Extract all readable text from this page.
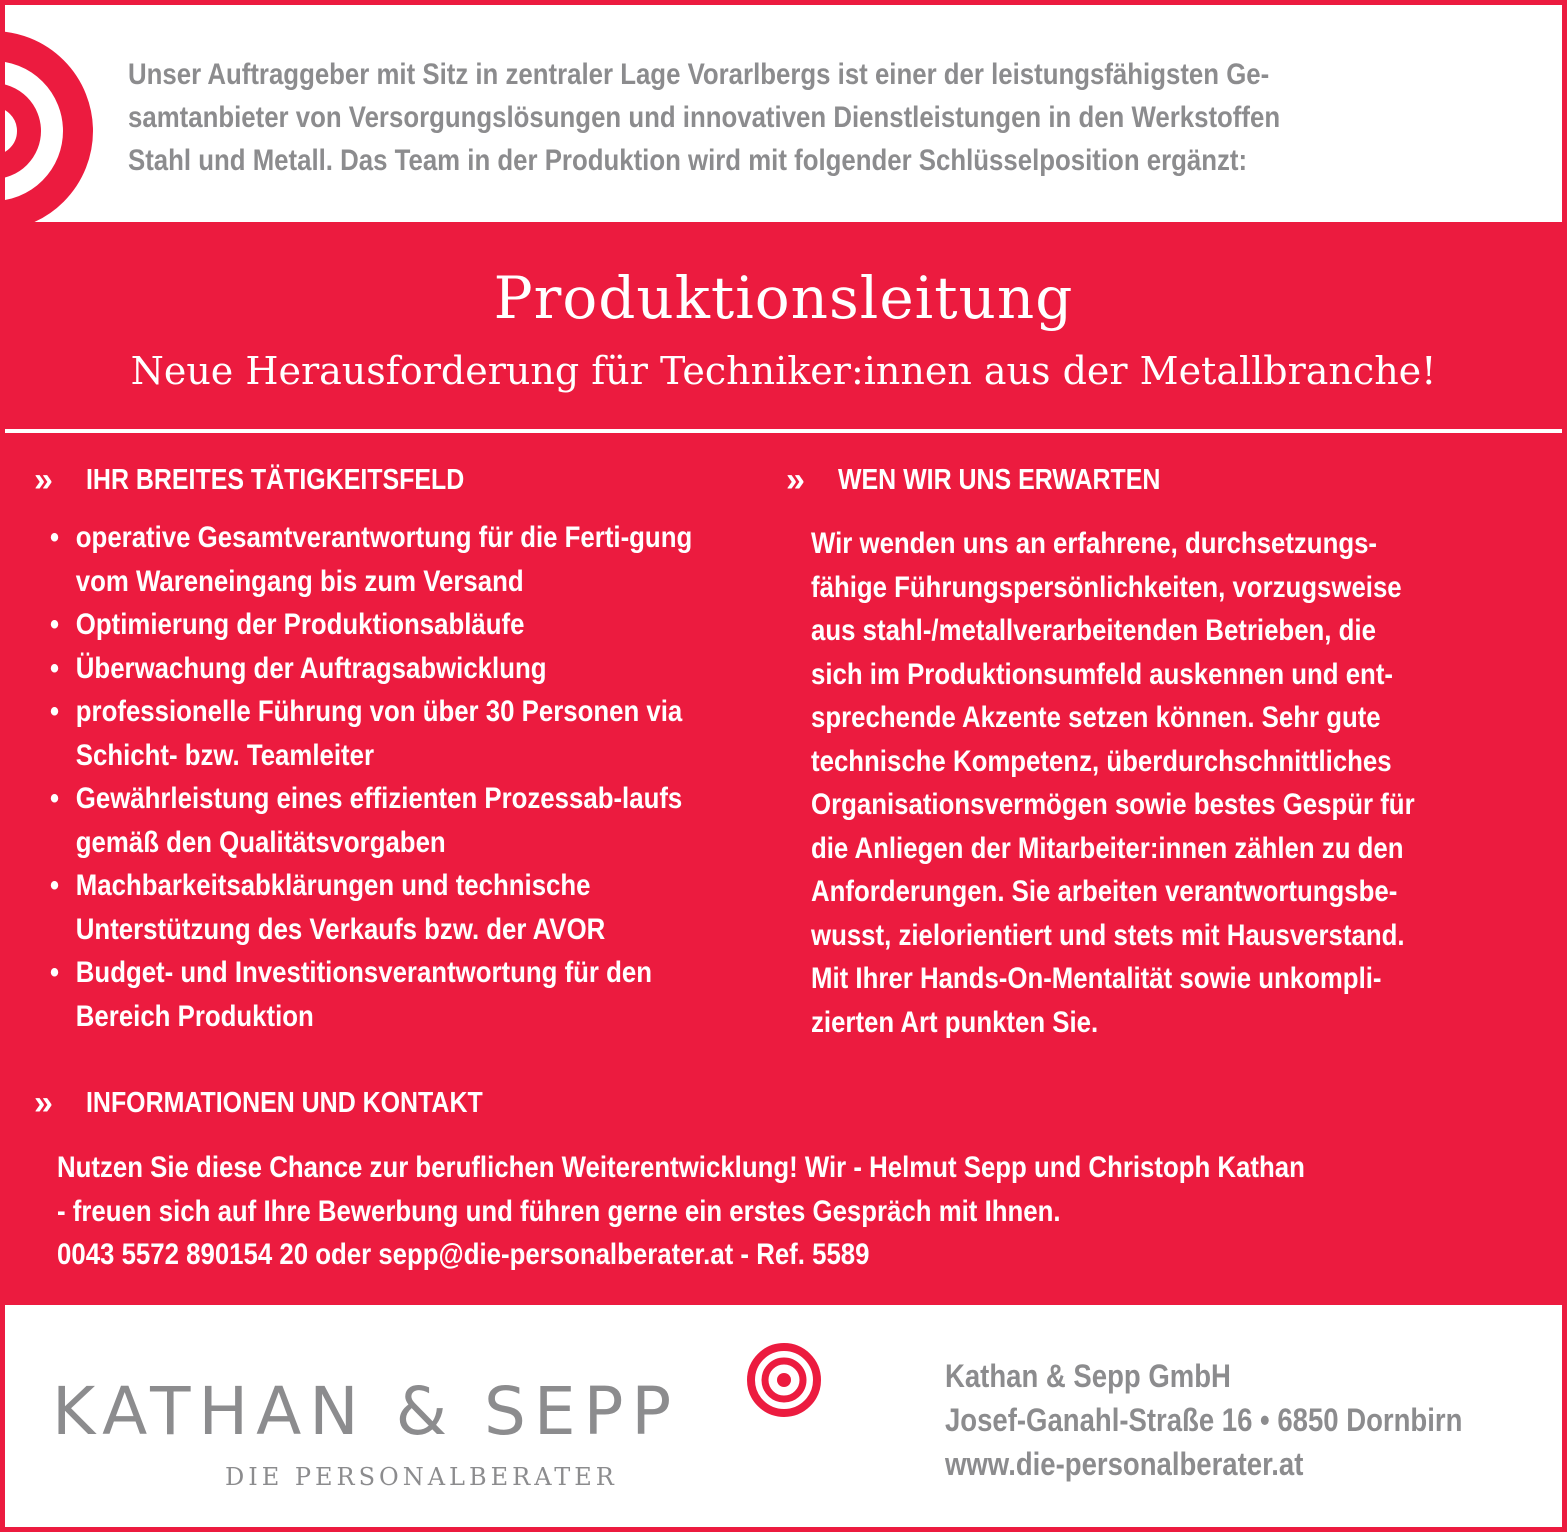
Unser Auftraggeber mit Sitz in zentraler Lage Vorarlbergs ist einer der leistungsfähigsten Ge-
samtanbieter von Versorgungslösungen und innovativen Dienstleistungen in den Werkstoffen
Stahl und Metall. Das Team in der Produktion wird mit folgender Schlüsselposition ergänzt:

Produktionsleitung
Neue Herausforderung für Techniker:innen aus der Metallbranche!
» IHR BREITES TÄTIGKEITSFELD
• operative Gesamtverantwortung für die Ferti-gung vom Wareneingang bis zum Versand
• Optimierung der Produktionsabläufe
• Überwachung der Auftragsabwicklung
• professionelle Führung von über 30 Personen via Schicht- bzw. Teamleiter
• Gewährleistung eines effizienten Prozessab-laufs gemäß den Qualitätsvorgaben
• Machbarkeitsabklärungen und technische Unterstützung des Verkaufs bzw. der AVOR
• Budget- und Investitionsverantwortung für den Bereich Produktion
» WEN WIR UNS ERWARTEN

Wir wenden uns an erfahrene, durchsetzungs-
fähige Führungspersönlichkeiten, vorzugsweise
aus stahl-/metallverarbeitenden Betrieben, die
sich im Produktionsumfeld auskennen und ent-
sprechende Akzente setzen können. Sehr gute
technische Kompetenz, überdurchschnittliches
Organisationsvermögen sowie bestes Gespür für
die Anliegen der Mitarbeiter:innen zählen zu den
Anforderungen. Sie arbeiten verantwortungsbe-
wusst, zielorientiert und stets mit Hausverstand.
Mit Ihrer Hands-On-Mentalität sowie unkompli-
zierten Art punkten Sie.

» INFORMATIONEN UND KONTAKT

Nutzen Sie diese Chance zur beruflichen Weiterentwicklung! Wir - Helmut Sepp und Christoph Kathan
- freuen sich auf Ihre Bewerbung und führen gerne ein erstes Gespräch mit Ihnen.
0043 5572 890154 20 oder sepp@die-personalberater.at - Ref. 5589

KATHAN & SEPP
DIE PERSONALBERATER

Kathan & Sepp GmbH
Josef-Ganahl-Straße 16 • 6850 Dornbirn
www.die-personalberater.at
